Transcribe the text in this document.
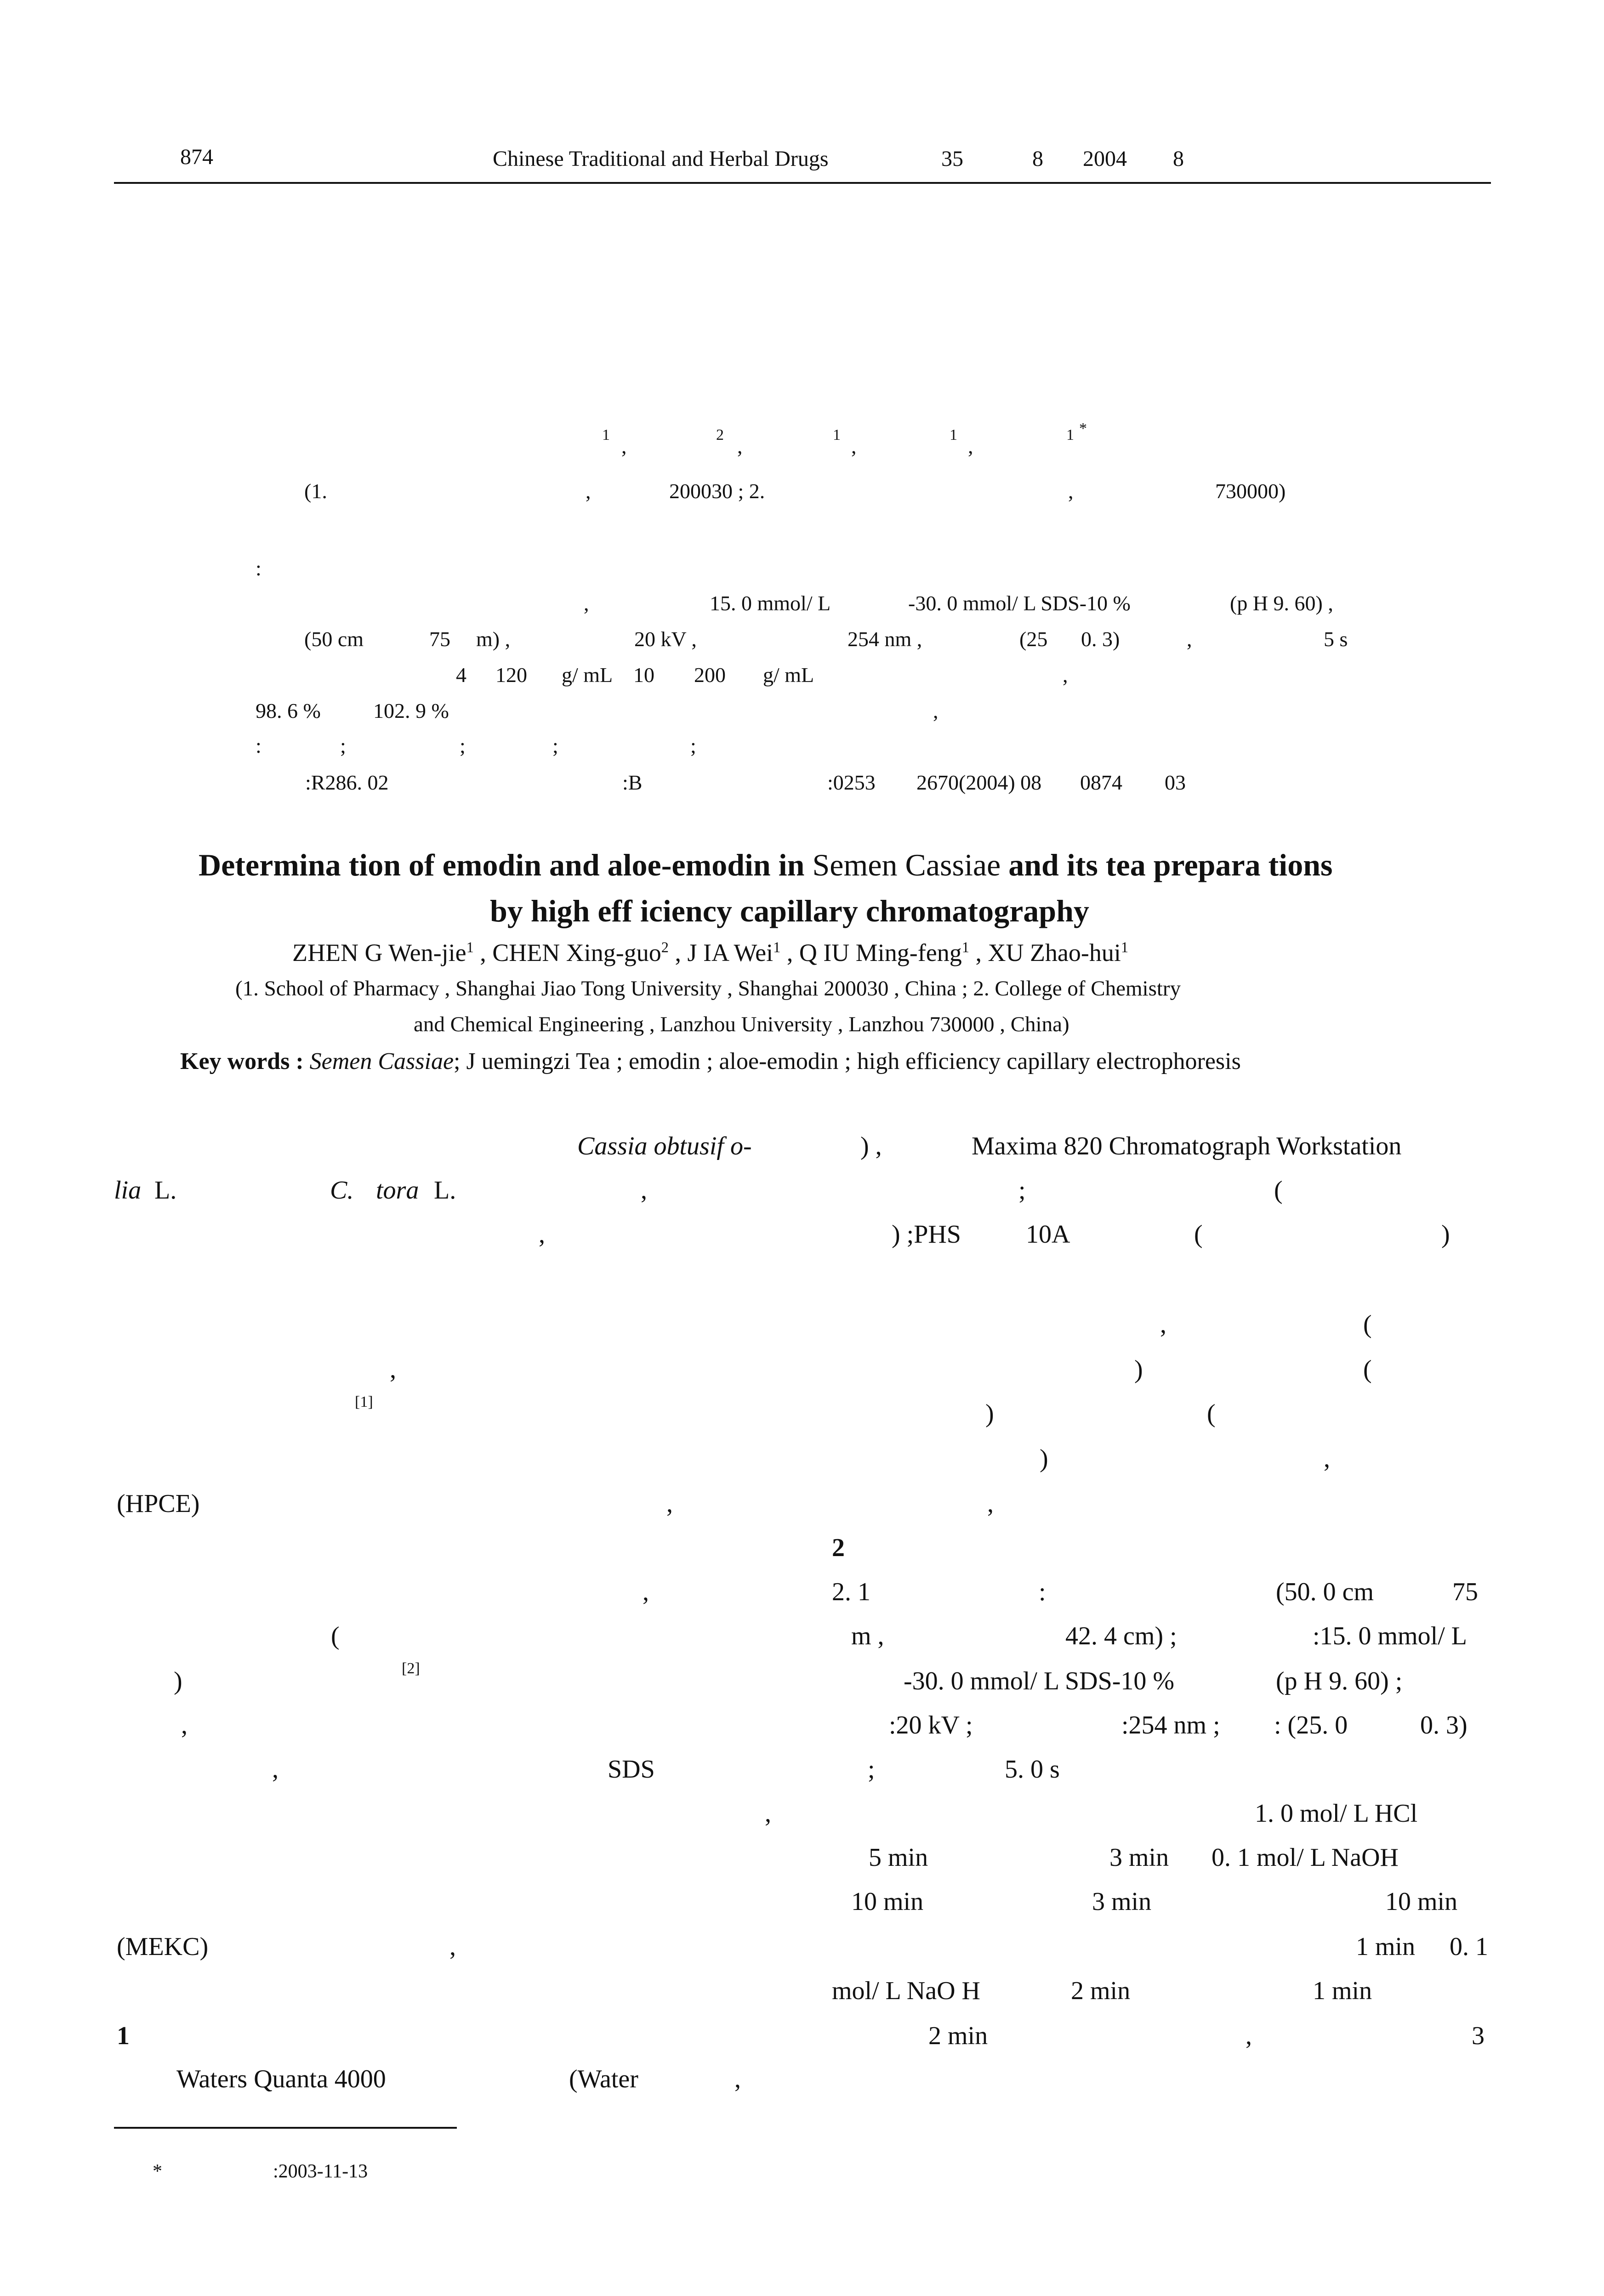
874	Chinese Traditional and Herbal Drugs	35	8 2004 8
1 ,	2 ,	1 ,	1 ,	1 *
(1.	,	200030 ; 2.	,	730000)
:
,	15. 0 mmol/ L	-30. 0 mmol/ L SDS-10 %	(p H 9. 60) ,
(50 cm	75 m) ,	20 kV ,	254 nm ,	(25 0. 3)	,	5 s
4 120 g/ mL 10 200 g/ mL	,
98. 6 % 102. 9 %	,
:	;	;	;	;
:R286. 02	:B	:0253 2670(2004) 08 0874 03
Determina tion of emodin and aloe-emodin in Semen Cassiae and its tea prepara tions
by high eff iciency capillary chromatography
ZHEN G Wen-jie$^1$ , CHEN Xing-guo$^2$ , J IA Wei$^1$ , Q IU Ming-feng$^1$ , XU Zhao-hui$^1$
(1. School of Pharmacy , Shanghai Jiao Tong University , Shanghai 200030 , China ; 2. College of Chemistry
and Chemical Engineering , Lanzhou University , Lanzhou 730000 , China)
Key words : Semen Cassiae; J uemingzi Tea ; emodin ; aloe-emodin ; high efficiency capillary electrophoresis
Cassia obtusif o-	) ,
lia L.	C. tora L.	,
,
,
[1]
(HPCE)	,	,
,
(
)	[2]
,
,	SDS
,
(MEKC)	,
1
Waters Quanta 4000	(Water	,
Maxima 820 Chromatograph Workstation
;	(
) ;PHS	10A	(	)
,	(
)	(
)	(
)	,
2
2. 1	:	(50. 0 cm	75
m ,	42. 4 cm) ;	:15. 0 mmol/ L
-30. 0 mmol/ L SDS-10 %	(p H 9. 60) ;
:20 kV ;	:254 nm ; : (25. 0	0. 3)
;	5. 0 s
1. 0 mol/ L HCl
5 min	3 min 0. 1 mol/ L NaOH
10 min	3 min	10 min
1 min 0. 1
mol/ L NaO H	2 min	1 min
2 min	,	3
*	:2003-11-13
